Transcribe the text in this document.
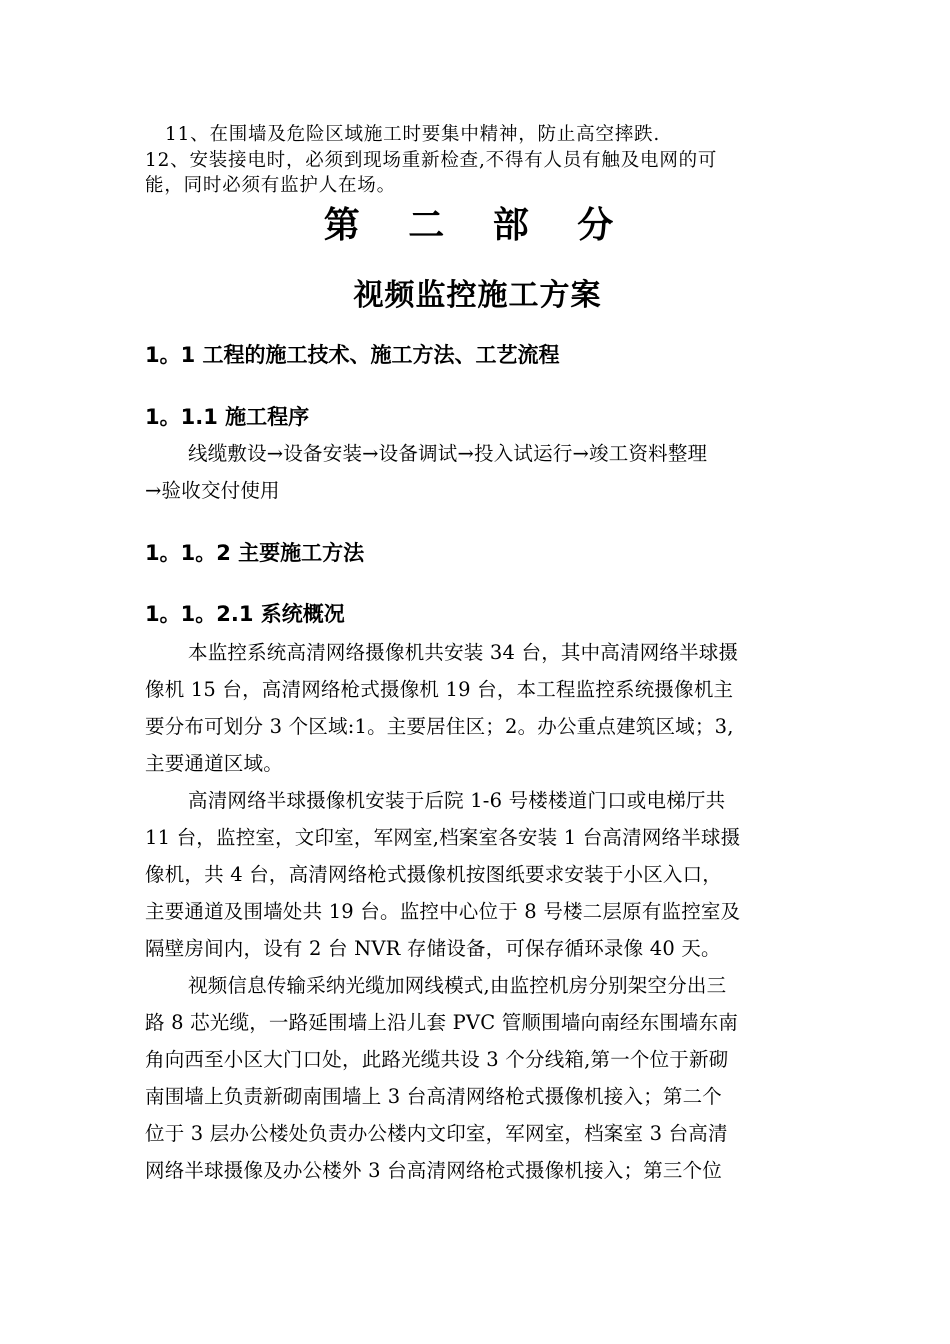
11、在围墙及危险区域施工时要集中精神，防止高空摔跌.
12、安装接电时，必须到现场重新检查,不得有人员有触及电网的可
能，同时必须有监护人在场。
第 二 部 分
视频监控施工方案
1。1 工程的施工技术、施工方法、工艺流程
1。1.1 施工程序
线缆敷设→设备安装→设备调试→投入试运行→竣工资料整理
→验收交付使用
1。1。2 主要施工方法
1。1。2.1 系统概况
本监控系统高清网络摄像机共安装 34 台，其中高清网络半球摄
像机 15 台，高清网络枪式摄像机 19 台，本工程监控系统摄像机主
要分布可划分 3 个区域:1。主要居住区；2。办公重点建筑区域；3,
主要通道区域。
高清网络半球摄像机安装于后院 1-6 号楼楼道门口或电梯厅共
11 台，监控室，文印室，军网室,档案室各安装 1 台高清网络半球摄
像机，共 4 台，高清网络枪式摄像机按图纸要求安装于小区入口，
主要通道及围墙处共 19 台。监控中心位于 8 号楼二层原有监控室及
隔壁房间内，设有 2 台 NVR 存储设备，可保存循环录像 40 天。
视频信息传输采纳光缆加网线模式,由监控机房分别架空分出三
路 8 芯光缆，一路延围墙上沿儿套 PVC 管顺围墙向南经东围墙东南
角向西至小区大门口处，此路光缆共设 3 个分线箱,第一个位于新砌
南围墙上负责新砌南围墙上 3 台高清网络枪式摄像机接入；第二个
位于 3 层办公楼处负责办公楼内文印室，军网室，档案室 3 台高清
网络半球摄像及办公楼外 3 台高清网络枪式摄像机接入；第三个位
